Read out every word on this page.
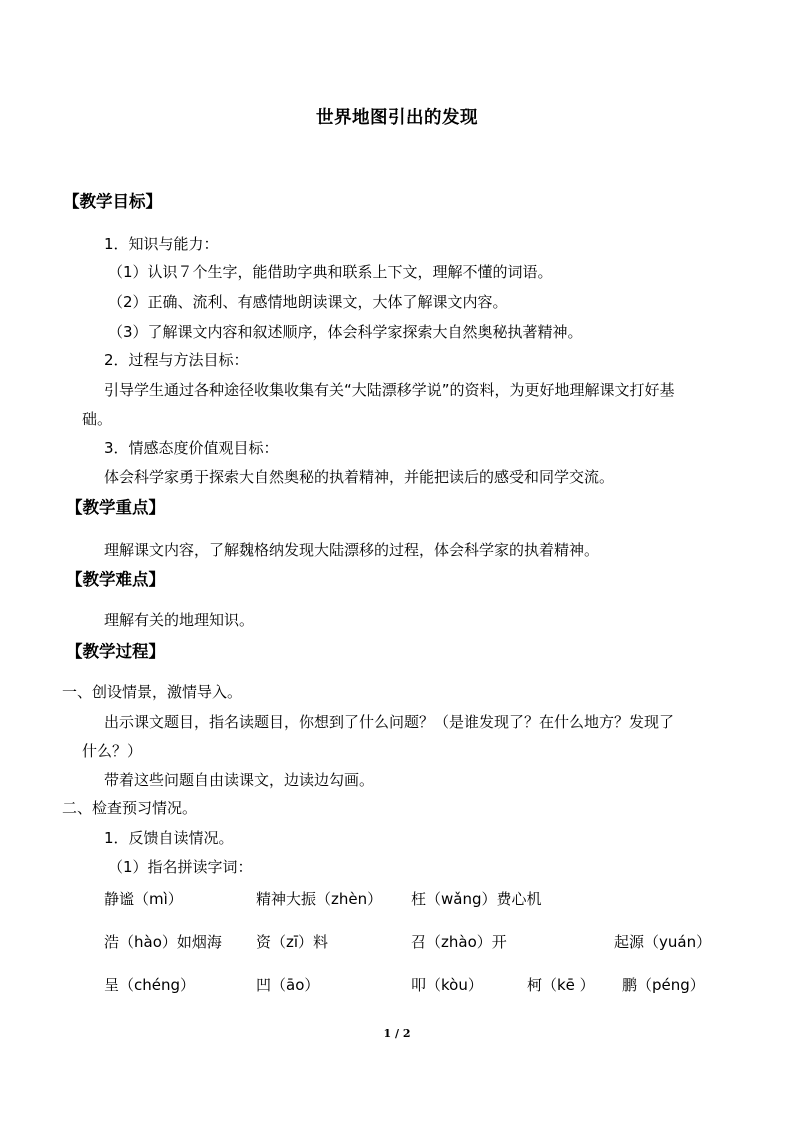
世界地图引出的发现
【教学目标】
1．知识与能力：
（1）认识７个生字，能借助字典和联系上下文，理解不懂的词语。
（2）正确、流利、有感情地朗读课文，大体了解课文内容。
（3）了解课文内容和叙述顺序，体会科学家探索大自然奥秘执著精神。
2．过程与方法目标：
引导学生通过各种途径收集收集有关“大陆漂移学说”的资料，为更好地理解课文打好基
础。
3．情感态度价值观目标：
体会科学家勇于探索大自然奥秘的执着精神，并能把读后的感受和同学交流。
【教学重点】
理解课文内容，了解魏格纳发现大陆漂移的过程，体会科学家的执着精神。
【教学难点】
理解有关的地理知识。
【教学过程】
一、创设情景，激情导入。
出示课文题目，指名读题目，你想到了什么问题？（是谁发现了？在什么地方？发现了
什么？）
带着这些问题自由读课文，边读边勾画。
二、检查预习情况。
1．反馈自读情况。
（1）指名拼读字词：
静谧（mì）	精神大振（zhèn） 枉（wǎng）费心机
浩（hào）如烟海 资（zī）料	召（zhào）开	起源（yuán）
呈（chéng）	凹（āo）	叩（kòu）	柯（kē ） 鹏（péng）
1 / 2
